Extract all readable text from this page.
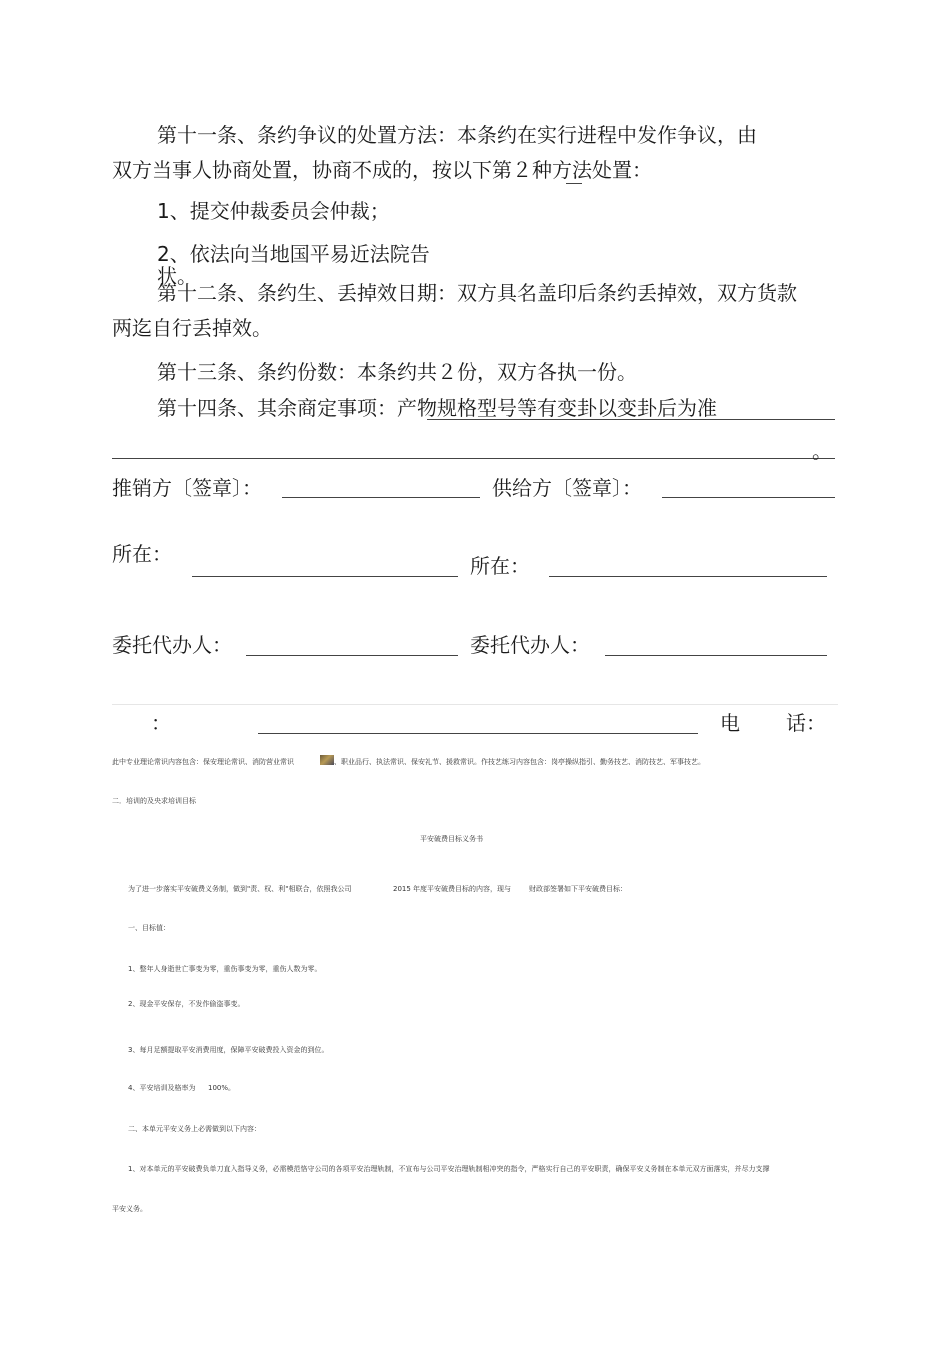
第十一条、条约争议的处置方法：本条约在实行进程中发作争议，由
双方当事人协商处置，协商不成的，按以下第２种方法处置：
1、提交仲裁委员会仲裁；
2、依法向当地国平易近法院告
状。
第十二条、条约生、丢掉效日期：双方具名盖印后条约丢掉效，双方货款
两迄自行丢掉效。
第十三条、条约份数：本条约共２份，双方各执一份。
第十四条、其余商定事项：产物规格型号等有变卦以变卦后为准
。
推销方〔签章〕：	供给方〔签章〕：
所在：	所在：
委托代办人：	委托代办人：
：	电 话：
此中专业理论常识内容包含：保安理论常识、消防营业常识	、职业品行、执法常识、保安礼节、援救常识。作技艺练习内容包含：岗亭操纵指引、勤务技艺、消防技艺、军事技艺。
二．培训的及央求培训目标
平安破费目标义务书
为了进一步落实平安破费义务制，做到"责、权、利"相联合，依照我公司	2015 年度平安破费目标的内容，现与	财政部签署如下平安破费目标：
一、目标值：
1、整年人身逝世亡事变为零，重伤事变为零，重伤人数为零。
2、现金平安保存，不发作偷盗事变。
3、每月足额提取平安消费用度，保障平安破费投入资金的到位。
4、平安培训及格率为 100%。
二、本单元平安义务上必需做到以下内容：
1、对本单元的平安破费负单刀直入指导义务，必需模范恪守公司的各项平安治理轨制，不宣布与公司平安治理轨制相冲突的指令，严格实行自己的平安职责，确保平安义务制在本单元双方面落实，并尽力支撑
平安义务。
